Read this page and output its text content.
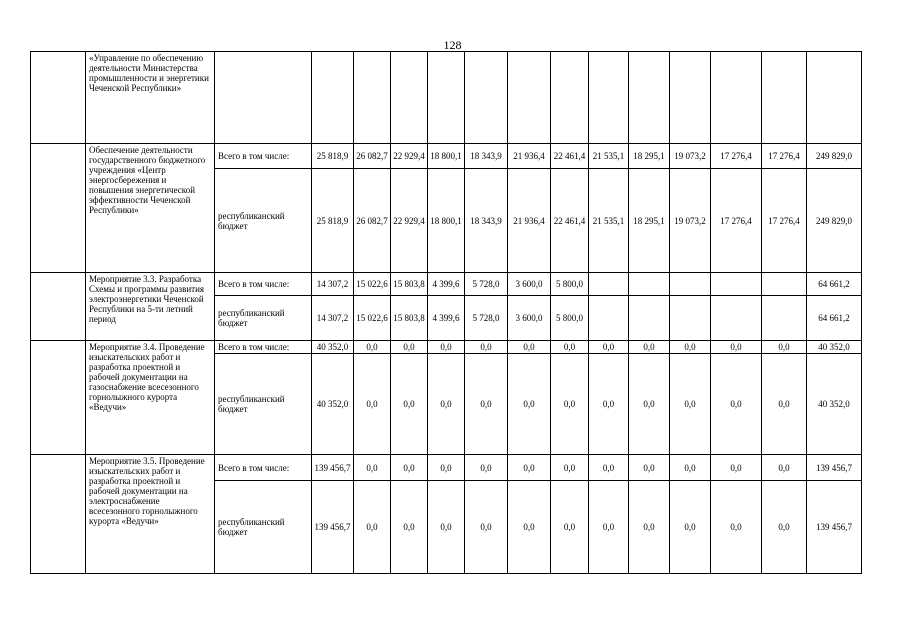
128
	«Управление по обеспечению деятельности Министерства промышленности и энергетики Чеченской Республики»														
	Обеспечение деятельности государственного бюджетного учреждения «Центр энергосбережения и повышения энергетической эффективности Чеченской Республики»	Всего в том числе:	25 818,9	26 082,7	22 929,4	18 800,1	18 343,9	21 936,4	22 461,4	21 535,1	18 295,1	19 073,2	17 276,4	17 276,4	249 829,0
		республиканский бюджет	25 818,9	26 082,7	22 929,4	18 800,1	18 343,9	21 936,4	22 461,4	21 535,1	18 295,1	19 073,2	17 276,4	17 276,4	249 829,0
	Мероприятие 3.3. Разработка Схемы и программы развития электроэнергетики Чеченской Республики на 5-ти летний период	Всего в том числе:	14 307,2	15 022,6	15 803,8	4 399,6	5 728,0	3 600,0	5 800,0						64 661,2
		республиканский бюджет	14 307,2	15 022,6	15 803,8	4 399,6	5 728,0	3 600,0	5 800,0						64 661,2
	Мероприятие 3.4. Проведение изыскательских работ и разработка проектной и рабочей документации на газоснабжение всесезонного горнолыжного курорта «Ведучи»	Всего в том числе:	40 352,0	0,0	0,0	0,0	0,0	0,0	0,0	0,0	0,0	0,0	0,0	0,0	40 352,0
		республиканский бюджет	40 352,0	0,0	0,0	0,0	0,0	0,0	0,0	0,0	0,0	0,0	0,0	0,0	40 352,0
	Мероприятие 3.5. Проведение изыскательских работ и разработка проектной и рабочей документации на электроснабжение всесезонного горнолыжного курорта «Ведучи»	Всего в том числе:	139 456,7	0,0	0,0	0,0	0,0	0,0	0,0	0,0	0,0	0,0	0,0	0,0	139 456,7
		республиканский бюджет	139 456,7	0,0	0,0	0,0	0,0	0,0	0,0	0,0	0,0	0,0	0,0	0,0	139 456,7
